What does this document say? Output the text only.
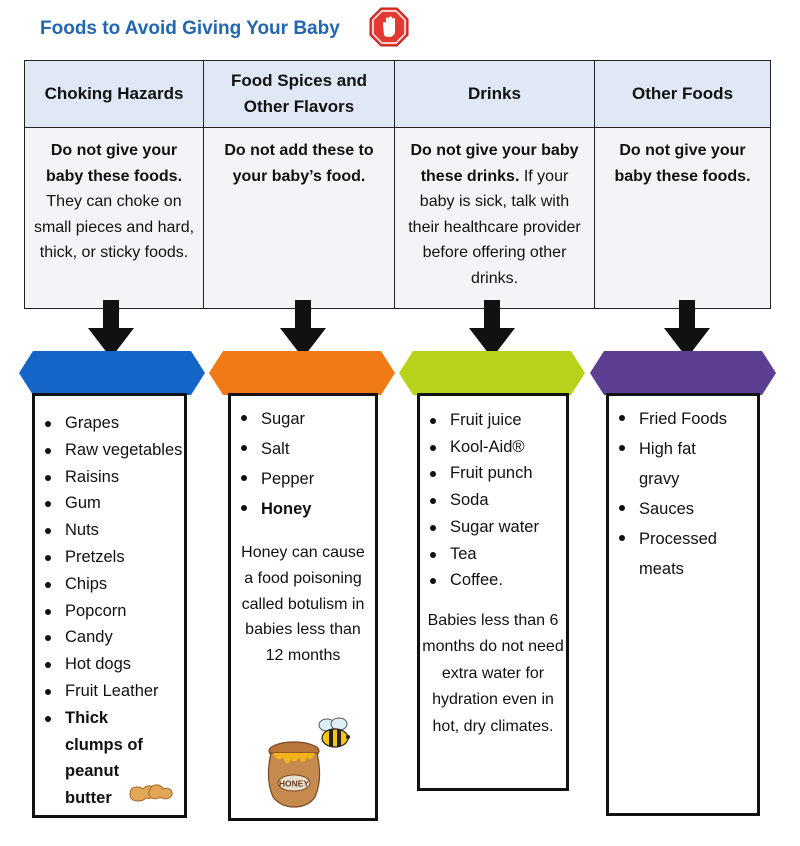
Foods to Avoid Giving Your Baby
Choking Hazards	Food Spices and Other Flavors	Drinks	Other Foods
Do not give your baby these foods. They can choke on small pieces and hard, thick, or sticky foods.	Do not add these to your baby’s food.	Do not give your baby these drinks. If your baby is sick, talk with their healthcare provider before offering other drinks.	Do not give your baby these foods.
Grapes
Raw vegetables
Raisins
Gum
Nuts
Pretzels
Chips
Popcorn
Candy
Hot dogs
Fruit Leather
Thick clumps of peanut butter
Sugar
Salt
Pepper
Honey
Honey can cause a food poisoning called botulism in babies less than 12 months
HONEY
Fruit juice
Kool-Aid®
Fruit punch
Soda
Sugar water
Tea
Coffee.
Babies less than 6 months do not need extra water for hydration even in hot, dry climates.
Fried Foods
High fat gravy
Sauces
Processed meats
